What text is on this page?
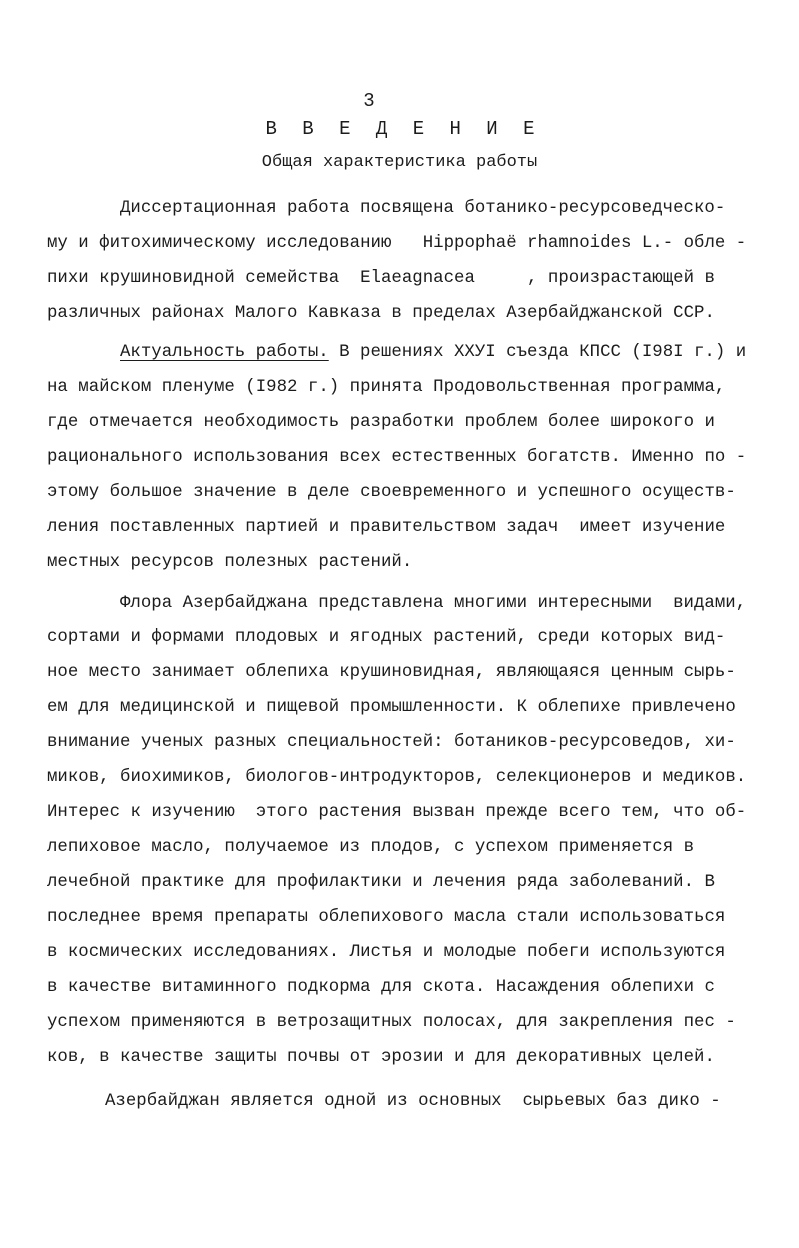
3
В В Е Д Е Н И Е
Общая характеристика работы
Диссертационная работа посвящена ботанико-ресурсоведческо-
му и фитохимическому исследованию   Hippophaё rhamnoides L.- обле -
пихи крушиновидной семейства  Elaeagnacea     , произрастающей в
различных районах Малого Кавказа в пределах Азербайджанской ССР.
Актуальность работы. В решениях XXУI съезда КПСС (I98I г.) и
на майском пленуме (I982 г.) принята Продовольственная программа,
где отмечается необходимость разработки проблем более широкого и
рационального использования всех естественных богатств. Именно по -
этому большое значение в деле своевременного и успешного осуществ-
ления поставленных партией и правительством задач  имеет изучение
местных ресурсов полезных растений.
Флора Азербайджана представлена многими интересными  видами,
сортами и формами плодовых и ягодных растений, среди которых вид-
ное место занимает облепиха крушиновидная, являющаяся ценным сырь-
ем для медицинской и пищевой промышленности. К облепихе привлечено
внимание ученых разных специальностей: ботаников-ресурсоведов, хи-
миков, биохимиков, биологов-интродукторов, селекционеров и медиков.
Интерес к изучению  этого растения вызван прежде всего тем, что об-
лепиховое масло, получаемое из плодов, с успехом применяется в
лечебной практике для профилактики и лечения ряда заболеваний. В
последнее время препараты облепихового масла стали использоваться
в космических исследованиях. Листья и молодые побеги используются
в качестве витаминного подкорма для скота. Насаждения облепихи с
успехом применяются в ветрозащитных полосах, для закрепления пес -
ков, в качестве защиты почвы от эрозии и для декоративных целей.
Азербайджан является одной из основных  сырьевых баз дико -
